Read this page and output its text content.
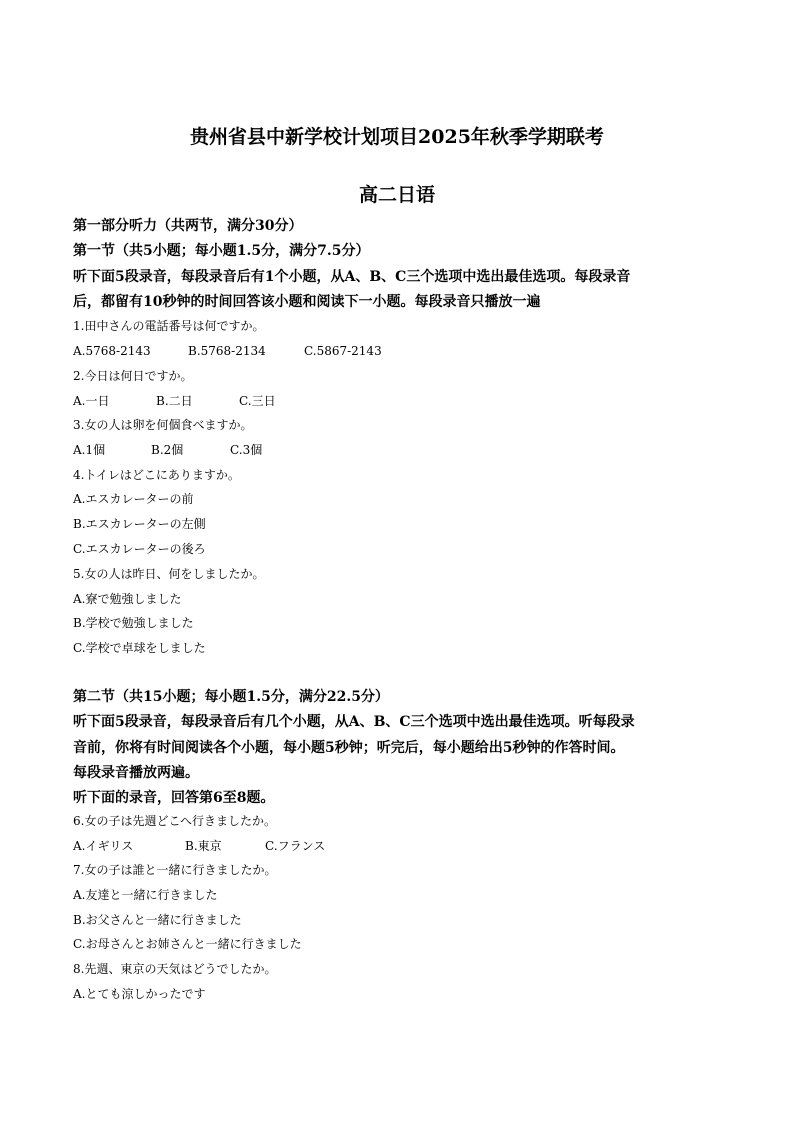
贵州省县中新学校计划项目2025年秋季学期联考
高二日语
第一部分听力（共两节，满分30分）
第一节（共5小题；每小题1.5分，满分7.5分）
听下面5段录音，每段录音后有1个小题，从A、B、C三个选项中选出最佳选项。每段录音
后，都留有10秒钟的时间回答该小题和阅读下一小题。每段录音只播放一遍
1.田中さんの電話番号は何ですか。
A.5768-2143	B.5768-2134	C.5867-2143
2.今日は何日ですか。
A.一日	B.二日	C.三日
3.女の人は卵を何個食べますか。
A.1個	B.2個	C.3個
4.トイレはどこにありますか。
A.エスカレーターの前
B.エスカレーターの左側
C.エスカレーターの後ろ
5.女の人は昨日、何をしましたか。
A.寮で勉強しました
B.学校で勉強しました
C.学校で卓球をしました
第二节（共15小题；每小题1.5分，满分22.5分）
听下面5段录音，每段录音后有几个小题，从A、B、C三个选项中选出最佳选项。听每段录
音前，你将有时间阅读各个小题，每小题5秒钟；听完后，每小题给出5秒钟的作答时间。
每段录音播放两遍。
听下面的录音，回答第6至8题。
6.女の子は先週どこへ行きましたか。
A.イギリス	B.東京	C.フランス
7.女の子は誰と一緒に行きましたか。
A.友達と一緒に行きました
B.お父さんと一緒に行きました
C.お母さんとお姉さんと一緒に行きました
8.先週、東京の天気はどうでしたか。
A.とても涼しかったです
